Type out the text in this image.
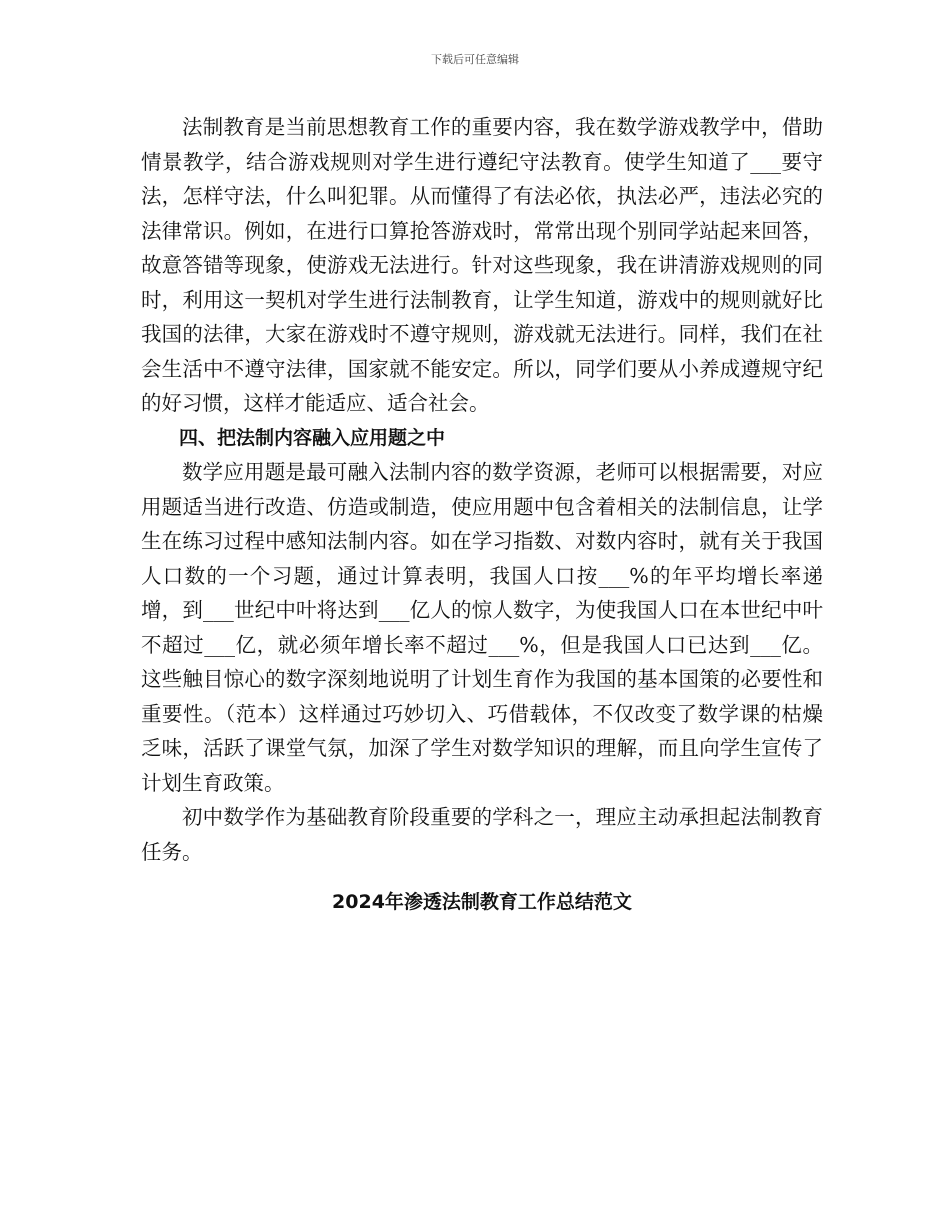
下载后可任意编辑

法制教育是当前思想教育工作的重要内容，我在数学游戏教学中，借助情景教学，结合游戏规则对学生进行遵纪守法教育。使学生知道了___要守法，怎样守法，什么叫犯罪。从而懂得了有法必依，执法必严，违法必究的法律常识。例如，在进行口算抢答游戏时，常常出现个别同学站起来回答，故意答错等现象，使游戏无法进行。针对这些现象，我在讲清游戏规则的同时，利用这一契机对学生进行法制教育，让学生知道，游戏中的规则就好比我国的法律，大家在游戏时不遵守规则，游戏就无法进行。同样，我们在社会生活中不遵守法律，国家就不能安定。所以，同学们要从小养成遵规守纪的好习惯，这样才能适应、适合社会。

四、把法制内容融入应用题之中

数学应用题是最可融入法制内容的数学资源，老师可以根据需要，对应用题适当进行改造、仿造或制造，使应用题中包含着相关的法制信息，让学生在练习过程中感知法制内容。如在学习指数、对数内容时，就有关于我国人口数的一个习题，通过计算表明，我国人口按___%的年平均增长率递增，到___世纪中叶将达到___亿人的惊人数字，为使我国人口在本世纪中叶不超过___亿，就必须年增长率不超过___%，但是我国人口已达到___亿。这些触目惊心的数字深刻地说明了计划生育作为我国的基本国策的必要性和重要性。（范本）这样通过巧妙切入、巧借载体，不仅改变了数学课的枯燥乏味，活跃了课堂气氛，加深了学生对数学知识的理解，而且向学生宣传了计划生育政策。

初中数学作为基础教育阶段重要的学科之一，理应主动承担起法制教育任务。

2024年渗透法制教育工作总结范文
